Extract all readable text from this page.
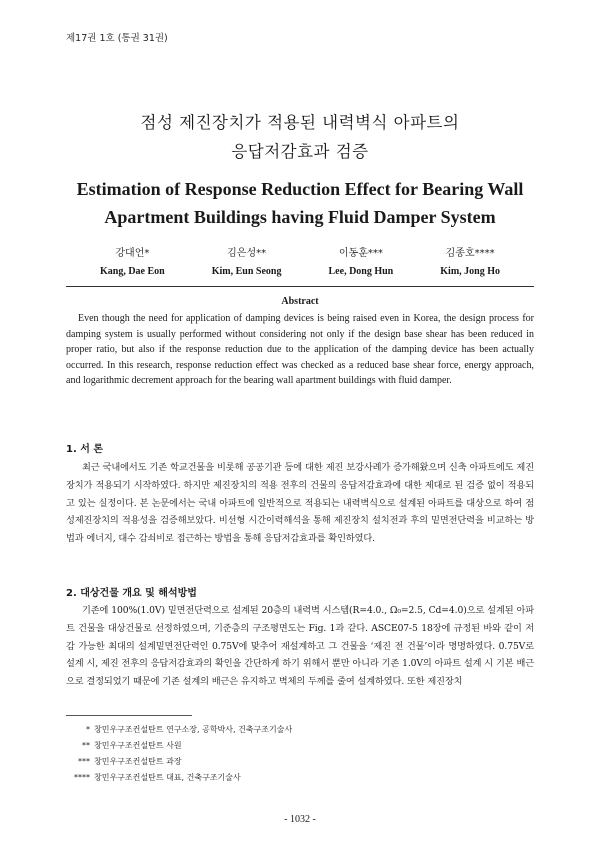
제17권 1호 (통권 31권)
점성 제진장치가 적용된 내력벽식 아파트의
응답저감효과 검증
Estimation of Response Reduction Effect for Bearing Wall
Apartment Buildings having Fluid Damper System
강대언*
Kang, Dae Eon
김은성**
Kim, Eun Seong
이동훈***
Lee, Dong Hun
김종호****
Kim, Jong Ho
Abstract

Even though the need for application of damping devices is being raised even in Korea, the design process for damping system is usually performed without considering not only if the design base shear has been reduced in proper ratio, but also if the response reduction due to the application of the damping device has been actually occurred. In this research, response reduction effect was checked as a reduced base shear force, energy approach, and logarithmic decrement approach for the bearing wall apartment buildings with fluid damper.

1. 서 론

최근 국내에서도 기존 학교건물을 비롯해 공공기관 등에 대한 제진 보강사례가 증가해왔으며 신축 아파트에도 제진장치가 적용되기 시작하였다. 하지만 제진장치의 적용 전후의 건물의 응답저감효과에 대한 제대로 된 검증 없이 적용되고 있는 실정이다. 본 논문에서는 국내 아파트에 일반적으로 적용되는 내력벽식으로 설계된 아파트를 대상으로 하여 점성제진장치의 적용성을 검증해보았다. 비선형 시간이력해석을 통해 제진장치 설치전과 후의 밑면전단력을 비교하는 방법과 에너지, 대수 감쇠비로 접근하는 방법을 통해 응답저감효과를 확인하였다.

2. 대상건물 개요 및 해석방법

기존에 100%(1.0V) 밑면전단력으로 설계된 20층의 내력벽 시스템(R=4.0., Ω₀=2.5, Cd=4.0)으로 설계된 아파트 건물을 대상건물로 선정하였으며, 기준층의 구조평면도는 Fig. 1과 같다. ASCE07-5 18장에 규정된 바와 같이 저감 가능한 최대의 설계밑면전단력인 0.75V에 맞추어 재설계하고 그 건물을 ‘제진 전 건물’이라 명명하였다. 0.75V로 설계 시, 제진 전후의 응답저감효과의 확인을 간단하게 하기 위해서 뿐만 아니라 기존 1.0V의 아파트 설계 시 기본 배근으로 결정되었기 때문에 기존 설계의 배근은 유지하고 벽체의 두께를 줄여 설계하였다. 또한 제진장치

* 창민우구조컨설탄트 연구소장, 공학박사, 건축구조기술사
** 창민우구조컨설탄트 사원
*** 창민우구조컨설탄트 과장
**** 창민우구조컨설탄트 대표, 건축구조기술사
- 1032 -
